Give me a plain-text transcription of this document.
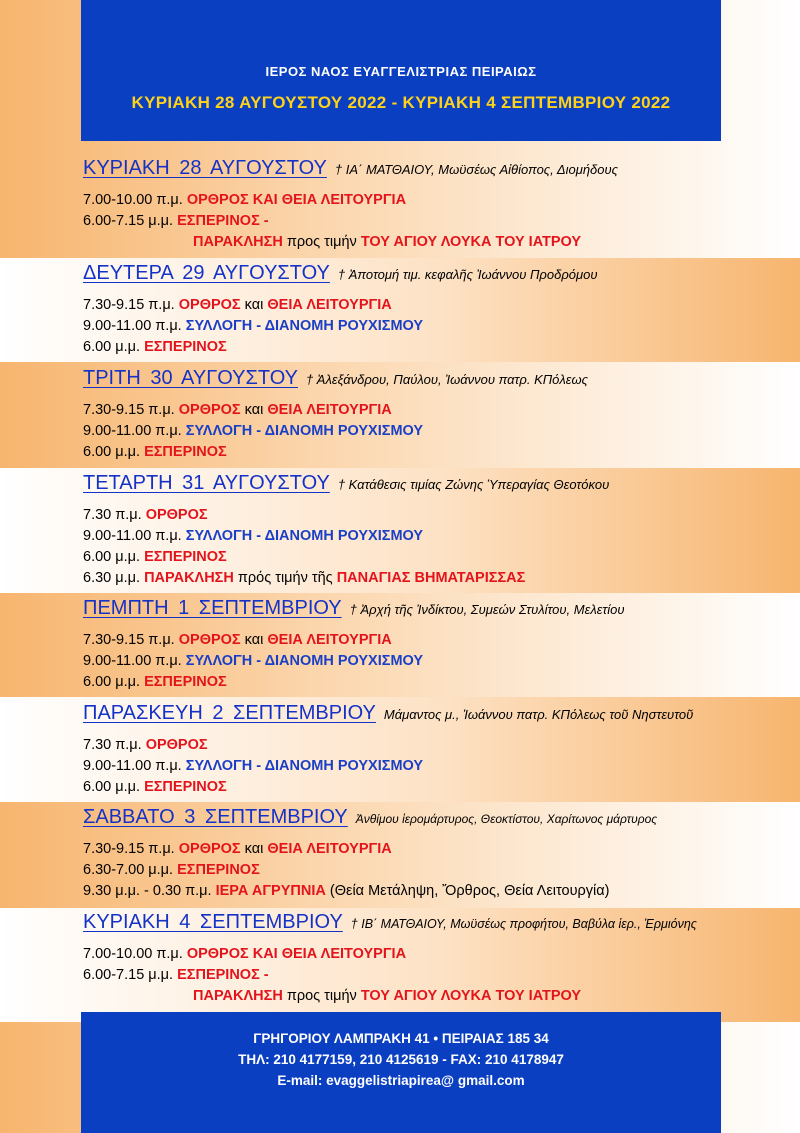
ΙΕΡΟΣ ΝΑΟΣ ΕΥΑΓΓΕΛΙΣΤΡΙΑΣ ΠΕΙΡΑΙΩΣ
ΚΥΡΙΑΚΗ 28 ΑΥΓΟΥΣΤΟΥ 2022 - ΚΥΡΙΑΚΗ 4 ΣΕΠΤΕΜΒΡΙΟΥ 2022
ΚΥΡΙΑΚΗ 28 ΑΥΓΟΥΣΤΟΥ † ΙΑ΄ ΜΑΤΘΑΙΟΥ, Μωϋσέως Αἰθίοπος, Διομήδους
7.00-10.00 π.μ. ΟΡΘΡΟΣ ΚΑΙ ΘΕΙΑ ΛΕΙΤΟΥΡΓΙΑ
6.00-7.15 μ.μ. ΕΣΠΕΡΙΝΟΣ -
ΠΑΡΑΚΛΗΣΗ προς τιμήν ΤΟΥ ΑΓΙΟΥ ΛΟΥΚΑ ΤΟΥ ΙΑΤΡΟΥ
ΔΕΥΤΕΡΑ 29 ΑΥΓΟΥΣΤΟΥ † Ἀποτομή τιμ. κεφαλῆς Ἰωάννου Προδρόμου
7.30-9.15 π.μ. ΟΡΘΡΟΣ και ΘΕΙΑ ΛΕΙΤΟΥΡΓΙΑ
9.00-11.00 π.μ. ΣΥΛΛΟΓΗ - ΔΙΑΝΟΜΗ ΡΟΥΧΙΣΜΟΥ
6.00 μ.μ. ΕΣΠΕΡΙΝΟΣ
ΤΡΙΤΗ 30 ΑΥΓΟΥΣΤΟΥ † Ἀλεξάνδρου, Παύλου, Ἰωάννου πατρ. ΚΠόλεως
7.30-9.15 π.μ. ΟΡΘΡΟΣ και ΘΕΙΑ ΛΕΙΤΟΥΡΓΙΑ
9.00-11.00 π.μ. ΣΥΛΛΟΓΗ - ΔΙΑΝΟΜΗ ΡΟΥΧΙΣΜΟΥ
6.00 μ.μ. ΕΣΠΕΡΙΝΟΣ
ΤΕΤΑΡΤΗ 31 ΑΥΓΟΥΣΤΟΥ † Κατάθεσις τιμίας Ζώνης Ὑπεραγίας Θεοτόκου
7.30 π.μ. ΟΡΘΡΟΣ
9.00-11.00 π.μ. ΣΥΛΛΟΓΗ - ΔΙΑΝΟΜΗ ΡΟΥΧΙΣΜΟΥ
6.00 μ.μ. ΕΣΠΕΡΙΝΟΣ
6.30 μ.μ. ΠΑΡΑΚΛΗΣΗ πρός τιμήν τῆς ΠΑΝΑΓΙΑΣ ΒΗΜΑΤΑΡΙΣΣΑΣ
ΠΕΜΠΤΗ 1 ΣΕΠΤΕΜΒΡΙΟΥ † Ἀρχή τῆς Ἰνδίκτου, Συμεών Στυλίτου, Μελετίου
7.30-9.15 π.μ. ΟΡΘΡΟΣ και ΘΕΙΑ ΛΕΙΤΟΥΡΓΙΑ
9.00-11.00 π.μ. ΣΥΛΛΟΓΗ - ΔΙΑΝΟΜΗ ΡΟΥΧΙΣΜΟΥ
6.00 μ.μ. ΕΣΠΕΡΙΝΟΣ
ΠΑΡΑΣΚΕΥΗ 2 ΣΕΠΤΕΜΒΡΙΟΥ Μάμαντος μ., Ἰωάννου πατρ. ΚΠόλεως τοῦ Νηστευτοῦ
7.30 π.μ. ΟΡΘΡΟΣ
9.00-11.00 π.μ. ΣΥΛΛΟΓΗ - ΔΙΑΝΟΜΗ ΡΟΥΧΙΣΜΟΥ
6.00 μ.μ. ΕΣΠΕΡΙΝΟΣ
ΣΑΒΒΑΤΟ 3 ΣΕΠΤΕΜΒΡΙΟΥ Ἀνθίμου ἱερομάρτυρος, Θεοκτίστου, Χαρίτωνος μάρτυρος
7.30-9.15 π.μ. ΟΡΘΡΟΣ και ΘΕΙΑ ΛΕΙΤΟΥΡΓΙΑ
6.30-7.00 μ.μ. ΕΣΠΕΡΙΝΟΣ
9.30 μ.μ. - 0.30 π.μ. ΙΕΡΑ ΑΓΡΥΠΝΙΑ (Θεία Μετάληψη, Ὄρθρος, Θεία Λειτουργία)
ΚΥΡΙΑΚΗ 4 ΣΕΠΤΕΜΒΡΙΟΥ † ΙΒ΄ ΜΑΤΘΑΙΟΥ, Μωϋσέως προφήτου, Βαβύλα ἱερ., Ἑρμιόνης
7.00-10.00 π.μ. ΟΡΘΡΟΣ ΚΑΙ ΘΕΙΑ ΛΕΙΤΟΥΡΓΙΑ
6.00-7.15 μ.μ. ΕΣΠΕΡΙΝΟΣ -
ΠΑΡΑΚΛΗΣΗ προς τιμήν ΤΟΥ ΑΓΙΟΥ ΛΟΥΚΑ ΤΟΥ ΙΑΤΡΟΥ
ΓΡΗΓΟΡΙΟΥ ΛΑΜΠΡΑΚΗ 41 • ΠΕΙΡΑΙΑΣ 185 34
ΤΗΛ: 210 4177159, 210 4125619 - FAX: 210 4178947
E-mail: evaggelistriapirea@ gmail.com
